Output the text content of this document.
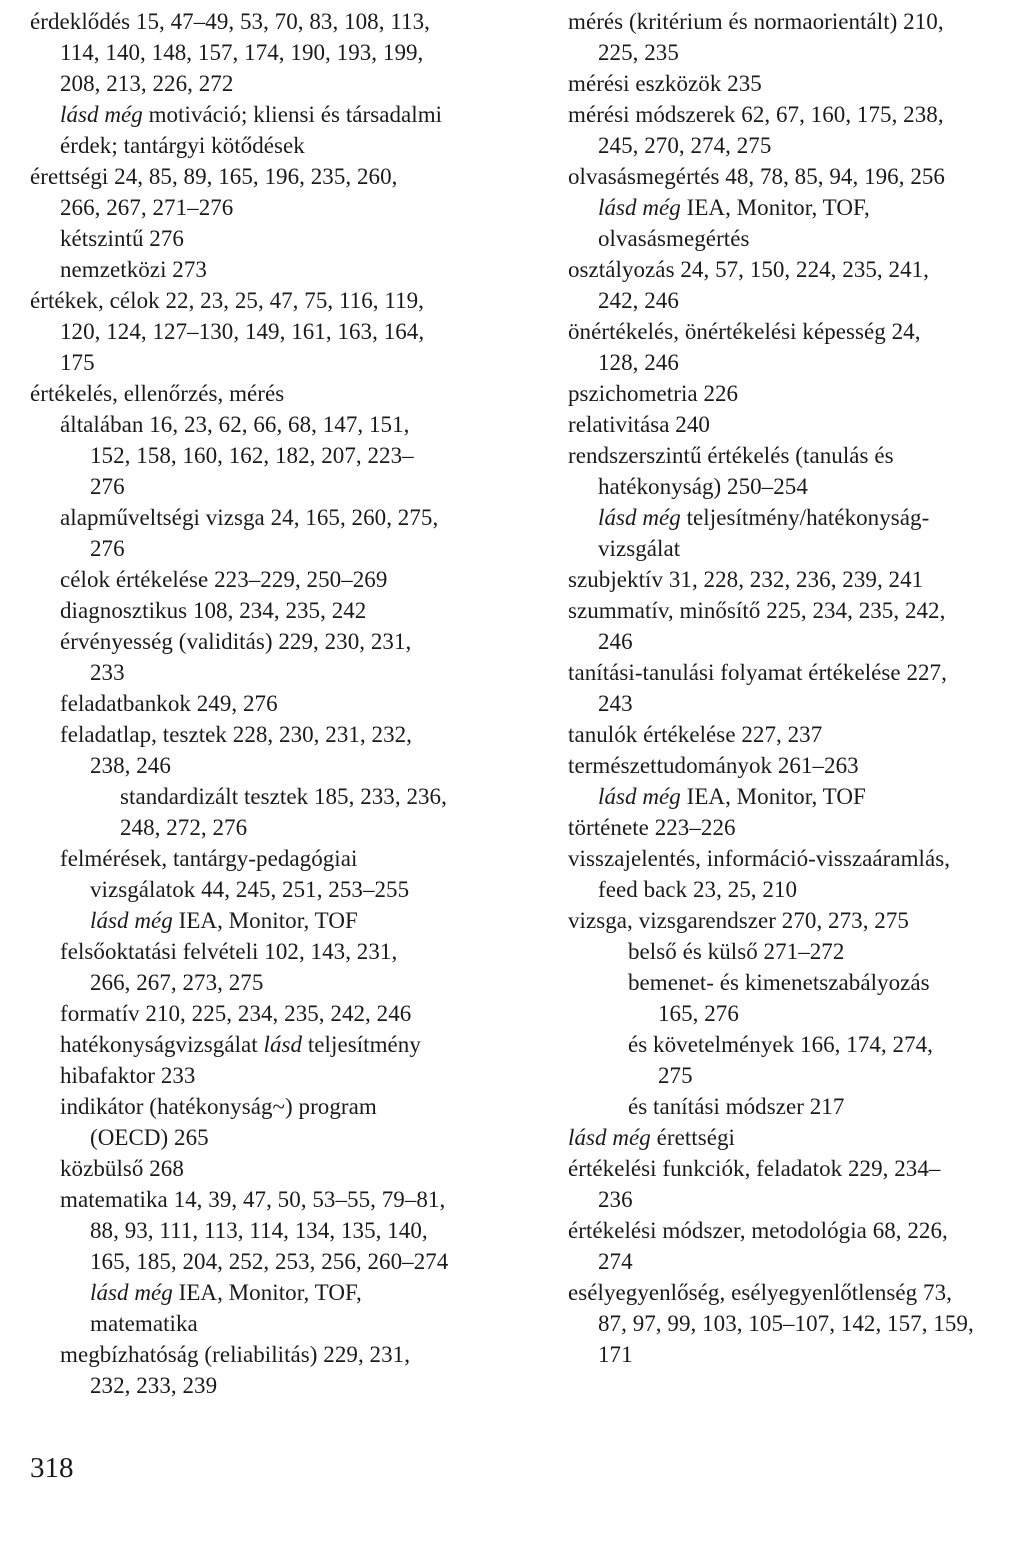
érdeklődés 15, 47–49, 53, 70, 83, 108, 113,
114, 140, 148, 157, 174, 190, 193, 199,
208, 213, 226, 272
lásd még motiváció; kliensi és társadalmi
érdek; tantárgyi kötődések
érettségi 24, 85, 89, 165, 196, 235, 260,
266, 267, 271–276
kétszintű 276
nemzetközi 273
értékek, célok 22, 23, 25, 47, 75, 116, 119,
120, 124, 127–130, 149, 161, 163, 164,
175
értékelés, ellenőrzés, mérés
általában 16, 23, 62, 66, 68, 147, 151,
152, 158, 160, 162, 182, 207, 223–
276
alapműveltségi vizsga 24, 165, 260, 275,
276
célok értékelése 223–229, 250–269
diagnosztikus 108, 234, 235, 242
érvényesség (validitás) 229, 230, 231,
233
feladatbankok 249, 276
feladatlap, tesztek 228, 230, 231, 232,
238, 246
standardizált tesztek 185, 233, 236,
248, 272, 276
felmérések, tantárgy-pedagógiai
vizsgálatok 44, 245, 251, 253–255
lásd még IEA, Monitor, TOF
felsőoktatási felvételi 102, 143, 231,
266, 267, 273, 275
formatív 210, 225, 234, 235, 242, 246
hatékonyságvizsgálat lásd teljesítmény
hibafaktor 233
indikátor (hatékonyság~) program
(OECD) 265
közbülső 268
matematika 14, 39, 47, 50, 53–55, 79–81,
88, 93, 111, 113, 114, 134, 135, 140,
165, 185, 204, 252, 253, 256, 260–274
lásd még IEA, Monitor, TOF,
matematika
megbízhatóság (reliabilitás) 229, 231,
232, 233, 239
mérés (kritérium és normaorientált) 210,
225, 235
mérési eszközök 235
mérési módszerek 62, 67, 160, 175, 238,
245, 270, 274, 275
olvasásmegértés 48, 78, 85, 94, 196, 256
lásd még IEA, Monitor, TOF,
olvasásmegértés
osztályozás 24, 57, 150, 224, 235, 241,
242, 246
önértékelés, önértékelési képesség 24,
128, 246
pszichometria 226
relativitása 240
rendszerszintű értékelés (tanulás és
hatékonyság) 250–254
lásd még teljesítmény/hatékonyság-
vizsgálat
szubjektív 31, 228, 232, 236, 239, 241
szummatív, minősítő 225, 234, 235, 242,
246
tanítási-tanulási folyamat értékelése 227,
243
tanulók értékelése 227, 237
természettudományok 261–263
lásd még IEA, Monitor, TOF
története 223–226
visszajelentés, információ-visszaáramlás,
feed back 23, 25, 210
vizsga, vizsgarendszer 270, 273, 275
belső és külső 271–272
bemenet- és kimenetszabályozás
165, 276
és követelmények 166, 174, 274,
275
és tanítási módszer 217
lásd még érettségi
értékelési funkciók, feladatok 229, 234–
236
értékelési módszer, metodológia 68, 226,
274
esélyegyenlőség, esélyegyenlőtlenség 73,
87, 97, 99, 103, 105–107, 142, 157, 159,
171
318
